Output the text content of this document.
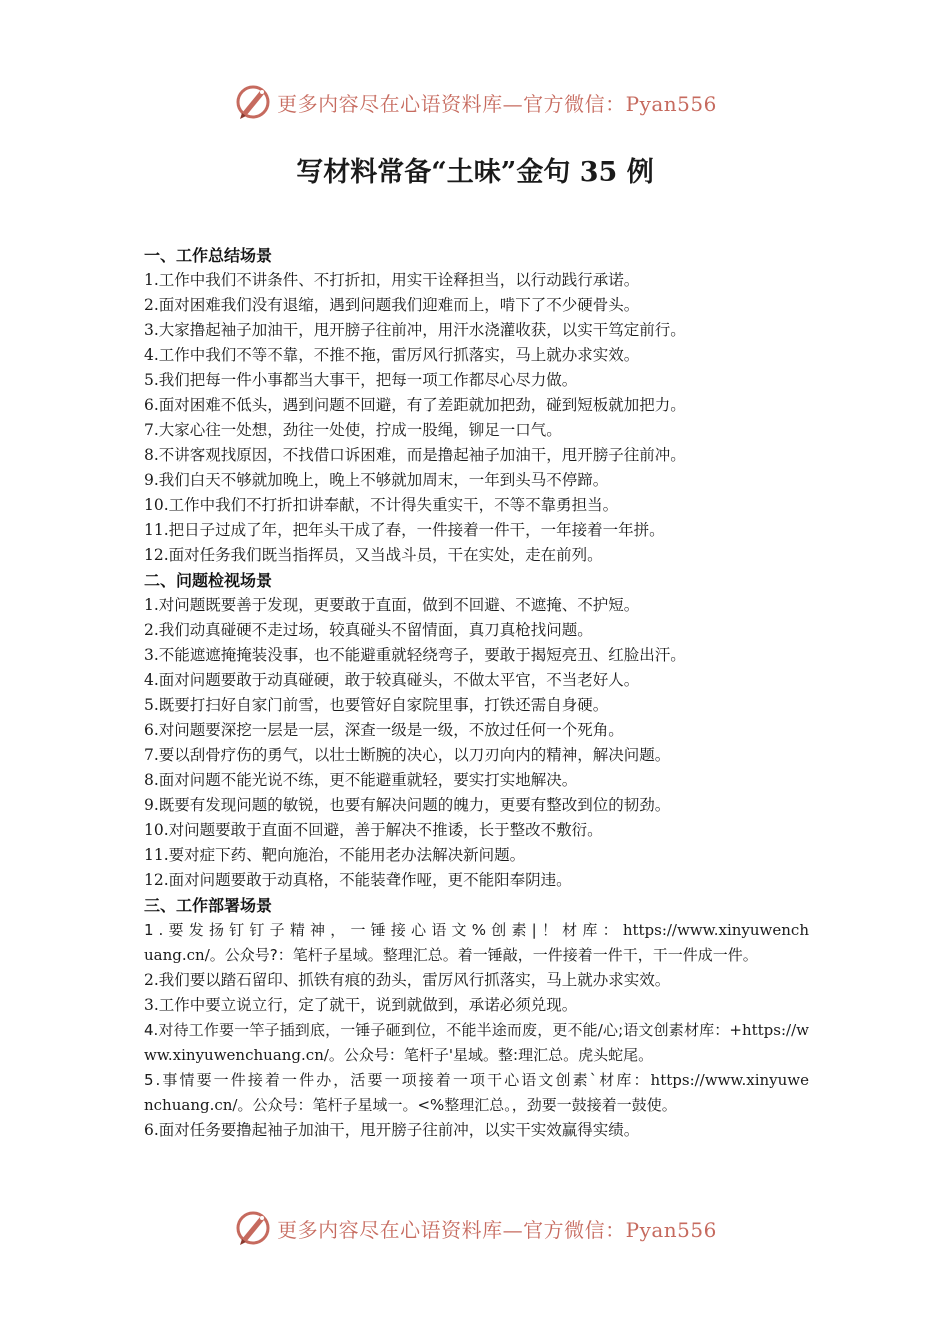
更多内容尽在心语资料库—官方微信：Pyan556
写材料常备“土味”金句 35 例
一、工作总结场景
1.工作中我们不讲条件、不打折扣，用实干诠释担当，以行动践行承诺。
2.面对困难我们没有退缩，遇到问题我们迎难而上，啃下了不少硬骨头。
3.大家撸起袖子加油干，甩开膀子往前冲，用汗水浇灌收获，以实干笃定前行。
4.工作中我们不等不靠，不推不拖，雷厉风行抓落实，马上就办求实效。
5.我们把每一件小事都当大事干，把每一项工作都尽心尽力做。
6.面对困难不低头，遇到问题不回避，有了差距就加把劲，碰到短板就加把力。
7.大家心往一处想，劲往一处使，拧成一股绳，铆足一口气。
8.不讲客观找原因，不找借口诉困难，而是撸起袖子加油干，甩开膀子往前冲。
9.我们白天不够就加晚上，晚上不够就加周末，一年到头马不停蹄。
10.工作中我们不打折扣讲奉献，不计得失重实干，不等不靠勇担当。
11.把日子过成了年，把年头干成了春，一件接着一件干，一年接着一年拼。
12.面对任务我们既当指挥员，又当战斗员，干在实处，走在前列。
二、问题检视场景
1.对问题既要善于发现，更要敢于直面，做到不回避、不遮掩、不护短。
2.我们动真碰硬不走过场，较真碰头不留情面，真刀真枪找问题。
3.不能遮遮掩掩装没事，也不能避重就轻绕弯子，要敢于揭短亮丑、红脸出汗。
4.面对问题要敢于动真碰硬，敢于较真碰头，不做太平官，不当老好人。
5.既要打扫好自家门前雪，也要管好自家院里事，打铁还需自身硬。
6.对问题要深挖一层是一层，深查一级是一级，不放过任何一个死角。
7.要以刮骨疗伤的勇气，以壮士断腕的决心，以刀刃向内的精神，解决问题。
8.面对问题不能光说不练，更不能避重就轻，要实打实地解决。
9.既要有发现问题的敏锐，也要有解决问题的魄力，更要有整改到位的韧劲。
10.对问题要敢于直面不回避，善于解决不推诿，长于整改不敷衍。
11.要对症下药、靶向施治，不能用老办法解决新问题。
12.面对问题要敢于动真格，不能装聋作哑，更不能阳奉阴违。
三、工作部署场景
1.要发扬钉钉子精神，一锤接心语文%创素|！材库：https://www.xinyuwenchuang.cn/。公众号?：笔杆子星域。整理汇总。着一锤敲，一件接着一件干，干一件成一件。
2.我们要以踏石留印、抓铁有痕的劲头，雷厉风行抓落实，马上就办求实效。
3.工作中要立说立行，定了就干，说到就做到，承诺必须兑现。
4.对待工作要一竿子插到底，一锤子砸到位，不能半途而废，更不能/心;语文创素材库：+https://www.xinyuwenchuang.cn/。公众号：笔杆子'星域。整:理汇总。虎头蛇尾。
5.事情要一件接着一件办，活要一项接着一项干心语文创素`材库：https://www.xinyuwenchuang.cn/。公众号：笔杆子星域一。<%整理汇总。，劲要一鼓接着一鼓使。
6.面对任务要撸起袖子加油干，甩开膀子往前冲，以实干实效赢得实绩。
更多内容尽在心语资料库—官方微信：Pyan556
